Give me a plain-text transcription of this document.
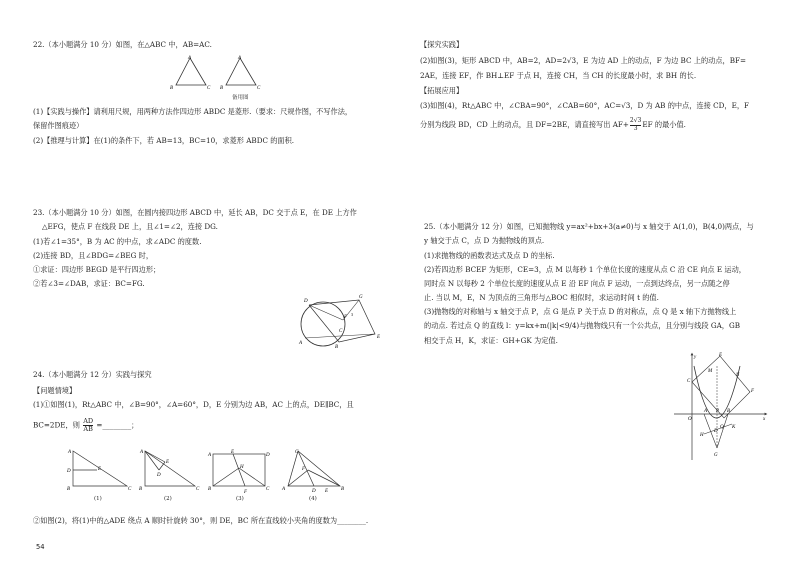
22.（本小题满分 10 分）如图，在△ABC 中，AB=AC.
A
B	C
A
B	C
备用图
(1)【实践与操作】请利用尺规，用两种方法作四边形 ABDC 是菱形.（要求：尺规作图，不写作法，
保留作图痕迹）
(2)【推理与计算】在(1)的条件下，若 AB=13，BC=10，求菱形 ABDC 的面积.
23.（本小题满分 10 分）如图，在圆内接四边形 ABCD 中，延长 AB，DC 交于点 E，在 DE 上方作
△EFG，使点 F 在线段 DE 上，且∠1=∠2，连接 DG.
(1)若∠1=35°，B 为 AC 的中点，求∠ADC 的度数.
(2)连接 BD，且∠BDG=∠BEG 时，
①求证：四边形 BEGD 是平行四边形；
②若∠3=∠DAB，求证：BC=FG.
D
G
A
B
E
F
C
3
24.（本小题满分 12 分）实践与探究
【问题情境】
(1)①如图(1)，Rt△ABC 中，∠B=90°，∠A=60°，D，E 分别为边 AB，AC 上的点，DE∥BC，且
BC=2DE，则 $\frac{AD}{AB}$ =________；
A
D	E
B	C
A
D
E
B	C
A
E
D
H
B
F
C
C
F
A	D E	B
(1)	(2)	(3)	(4)
②如图(2)，将(1)中的△ADE 绕点 A 顺时针旋转 30°，则 DE，BC 所在直线较小夹角的度数为________.
54
【探究实践】
(2)如图(3)，矩形 ABCD 中，AB=2，AD=2√3，E 为边 AD 上的动点，F 为边 BC 上的动点，BF=
2AE，连接 EF，作 BH⊥EF 于点 H，连接 CH，当 CH 的长度最小时，求 BH 的长.
【拓展应用】
(3)如图(4)，Rt△ABC 中，∠CBA=90°，∠CAB=60°，AC=√3，D 为 AB 的中点，连接 CD，E，F
分别为线段 BD，CD 上的动点，且 DF=2BE，请直接写出 $AF+ \frac{2√3}{3}$ EF 的最小值.
25.（本小题满分 12 分）如图，已知抛物线 y=ax²+bx+3(a≠0)与 x 轴交于 A(1,0)，B(4,0)两点，与
y 轴交于点 C，点 D 为抛物线的顶点.
(1)求抛物线的函数表达式及点 D 的坐标.
(2)若四边形 BCEF 为矩形，CE=3，点 M 以每秒 1 个单位长度的速度从点 C 沿 CE 向点 E 运动，
同时点 N 以每秒 2 个单位长度的速度从点 E 沿 EF 向点 F 运动，一点到达终点，另一点随之停
止. 当以 M，E，N 为顶点的三角形与△BOC 相似时，求运动时间 t 的值.
(3)抛物线的对称轴与 x 轴交于点 P，点 G 是点 P 关于点 D 的对称点，点 Q 是 x 轴下方抛物线上
的动点. 若过点 Q 的直线 l：y=kx+m(|k|<9/4)与抛物线只有一个公共点，且分别与线段 GA，GB
相交于点 H，K，求证：GH+GK 为定值.
O
A	B
P
C
E
F
M
N
D
Q
H
K
G
x
y
